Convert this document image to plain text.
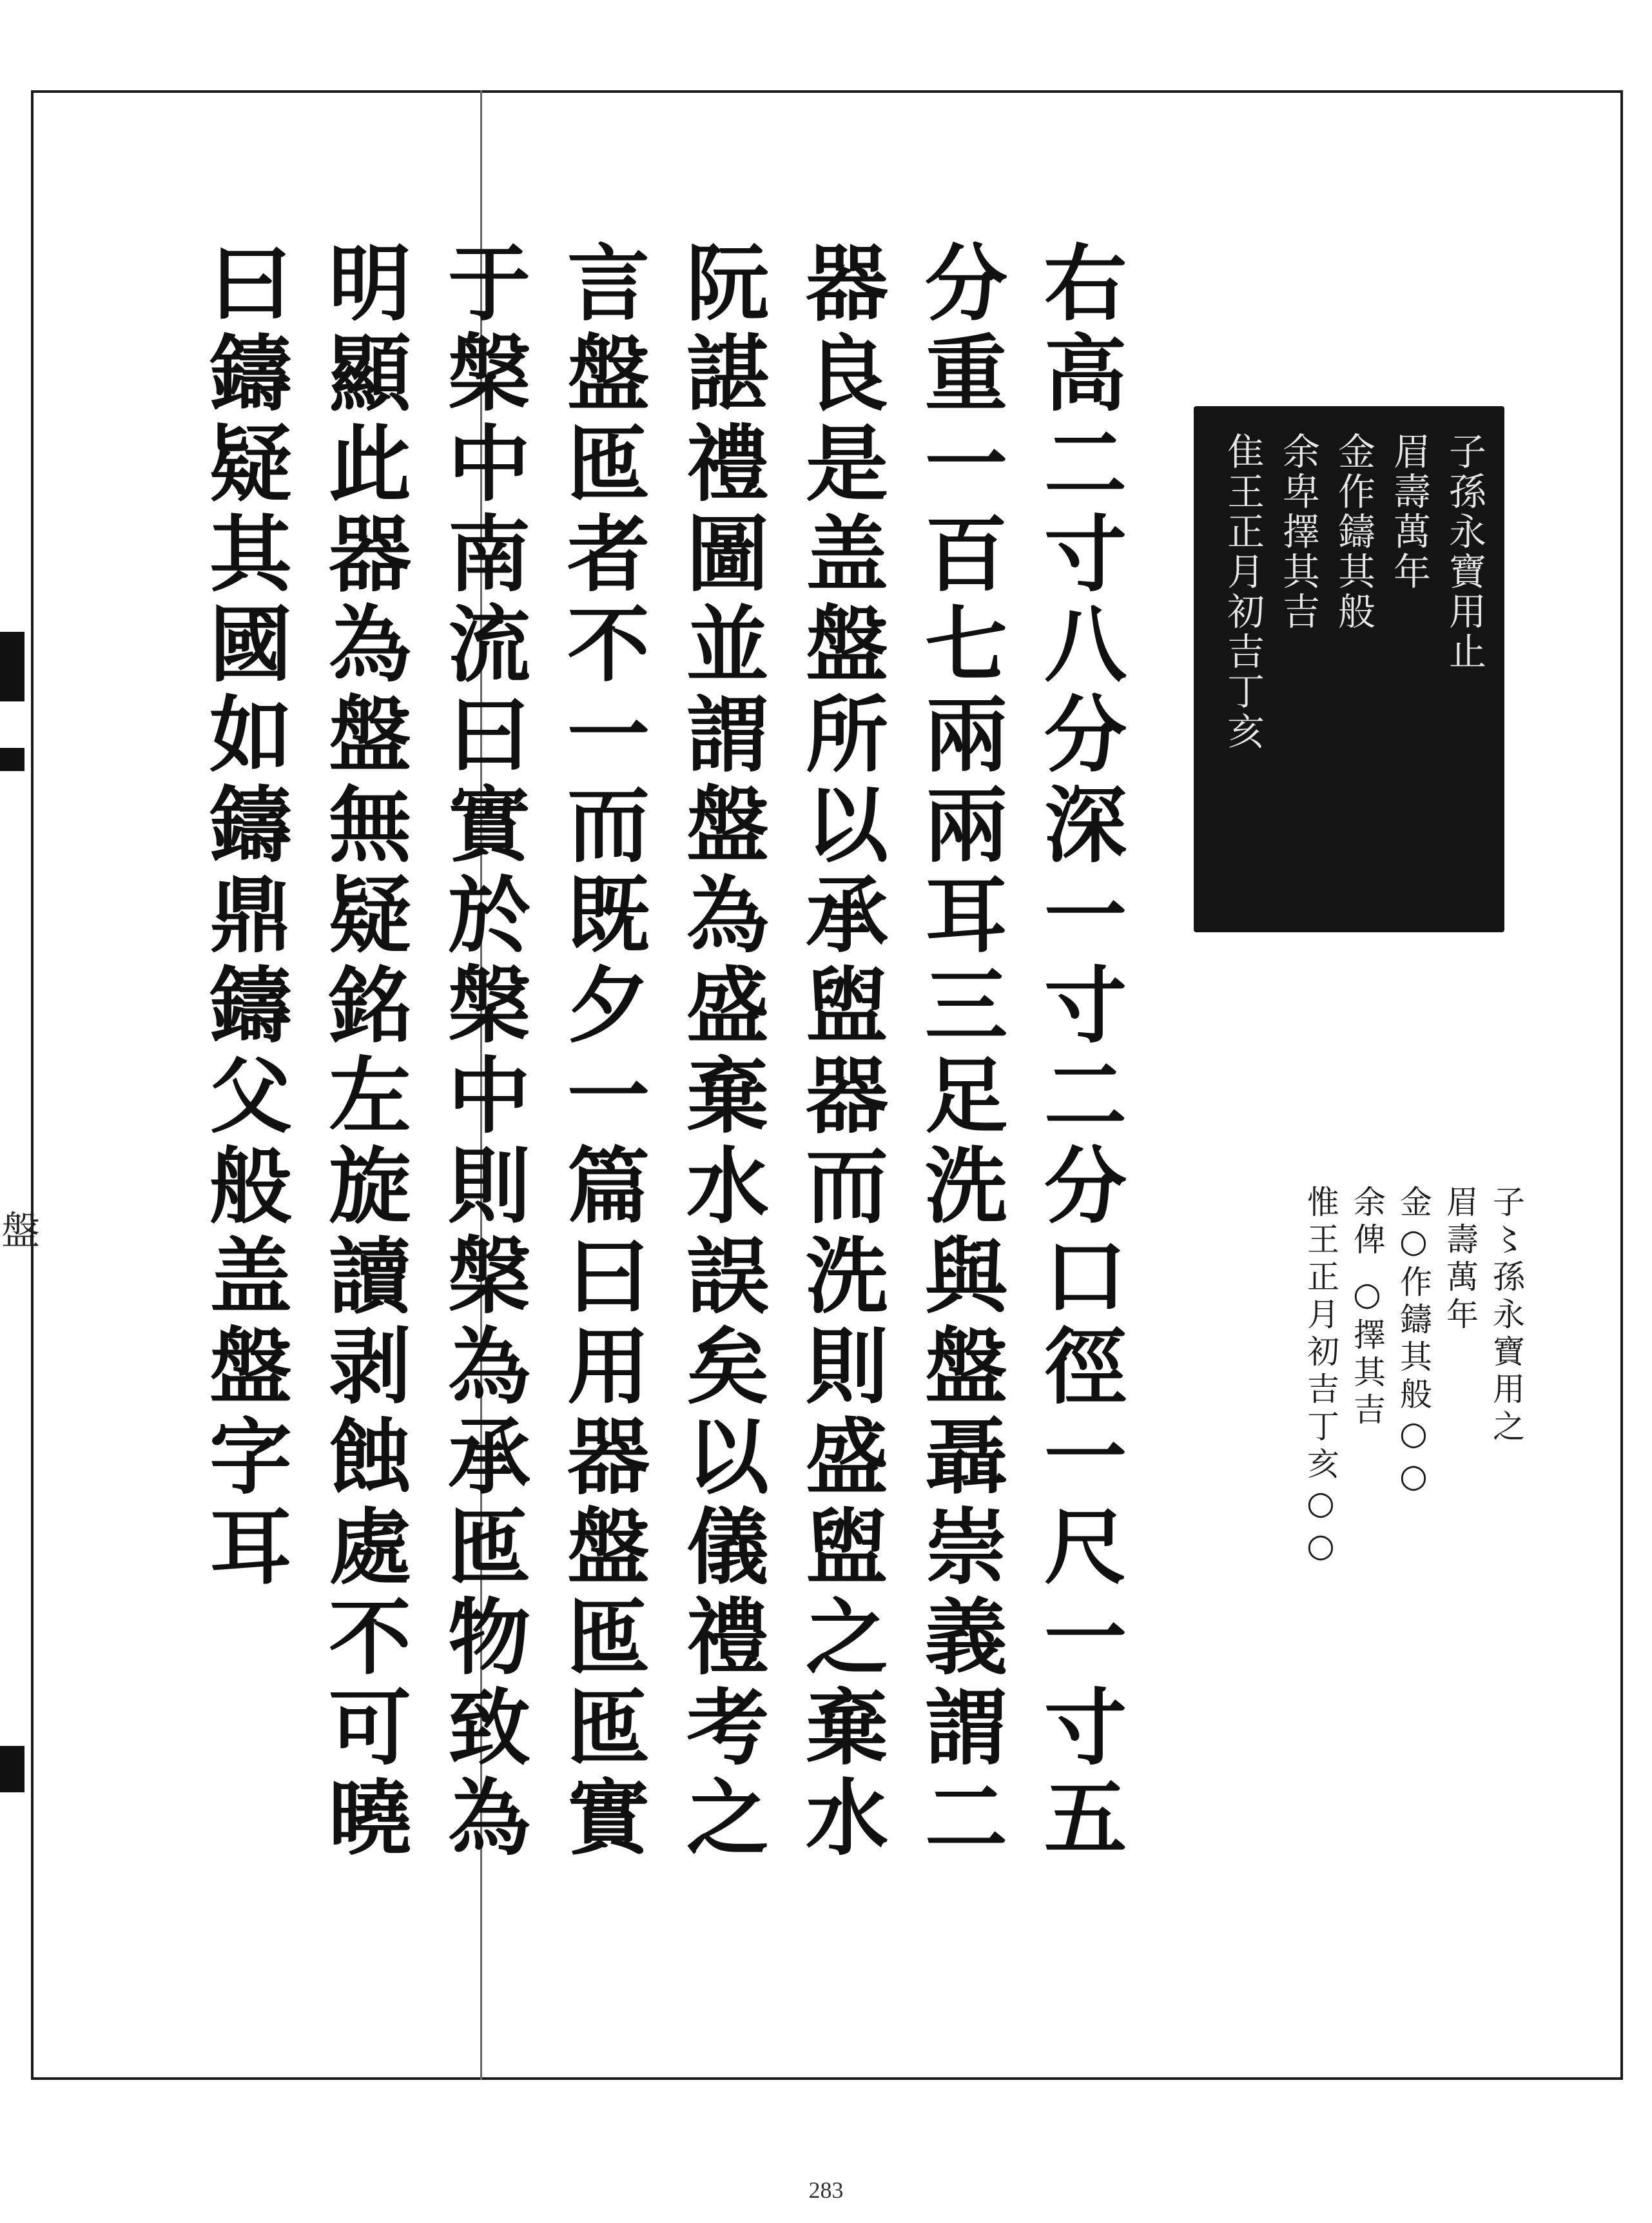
盤	右高二寸八分深一寸二分口徑一尺一寸五
分重一百七兩兩耳三足洗與盤聶崇義謂二
器良是盖盤所以承盥器而洗則盛盥之棄水
阮諶禮圖並謂盤為盛棄水誤矣以儀禮考之
言盤匜者不一而既夕一篇曰用器盤匜匜實
于槃中南流曰實於槃中則槃為承匜物致為
明顯此器為盤無疑銘左旋讀剥蝕處不可曉
曰鑄疑其國如鑄鼎鑄父般盖盤字耳	子孫永寶用止
眉壽萬年
金作鑄其般
余卑擇其吉
隹王正月初吉丁亥
子〻孫永寶用之
眉壽萬年
金○作鑄其般○○
余俾 ○擇其吉
惟王正月初吉丁亥○○
283
